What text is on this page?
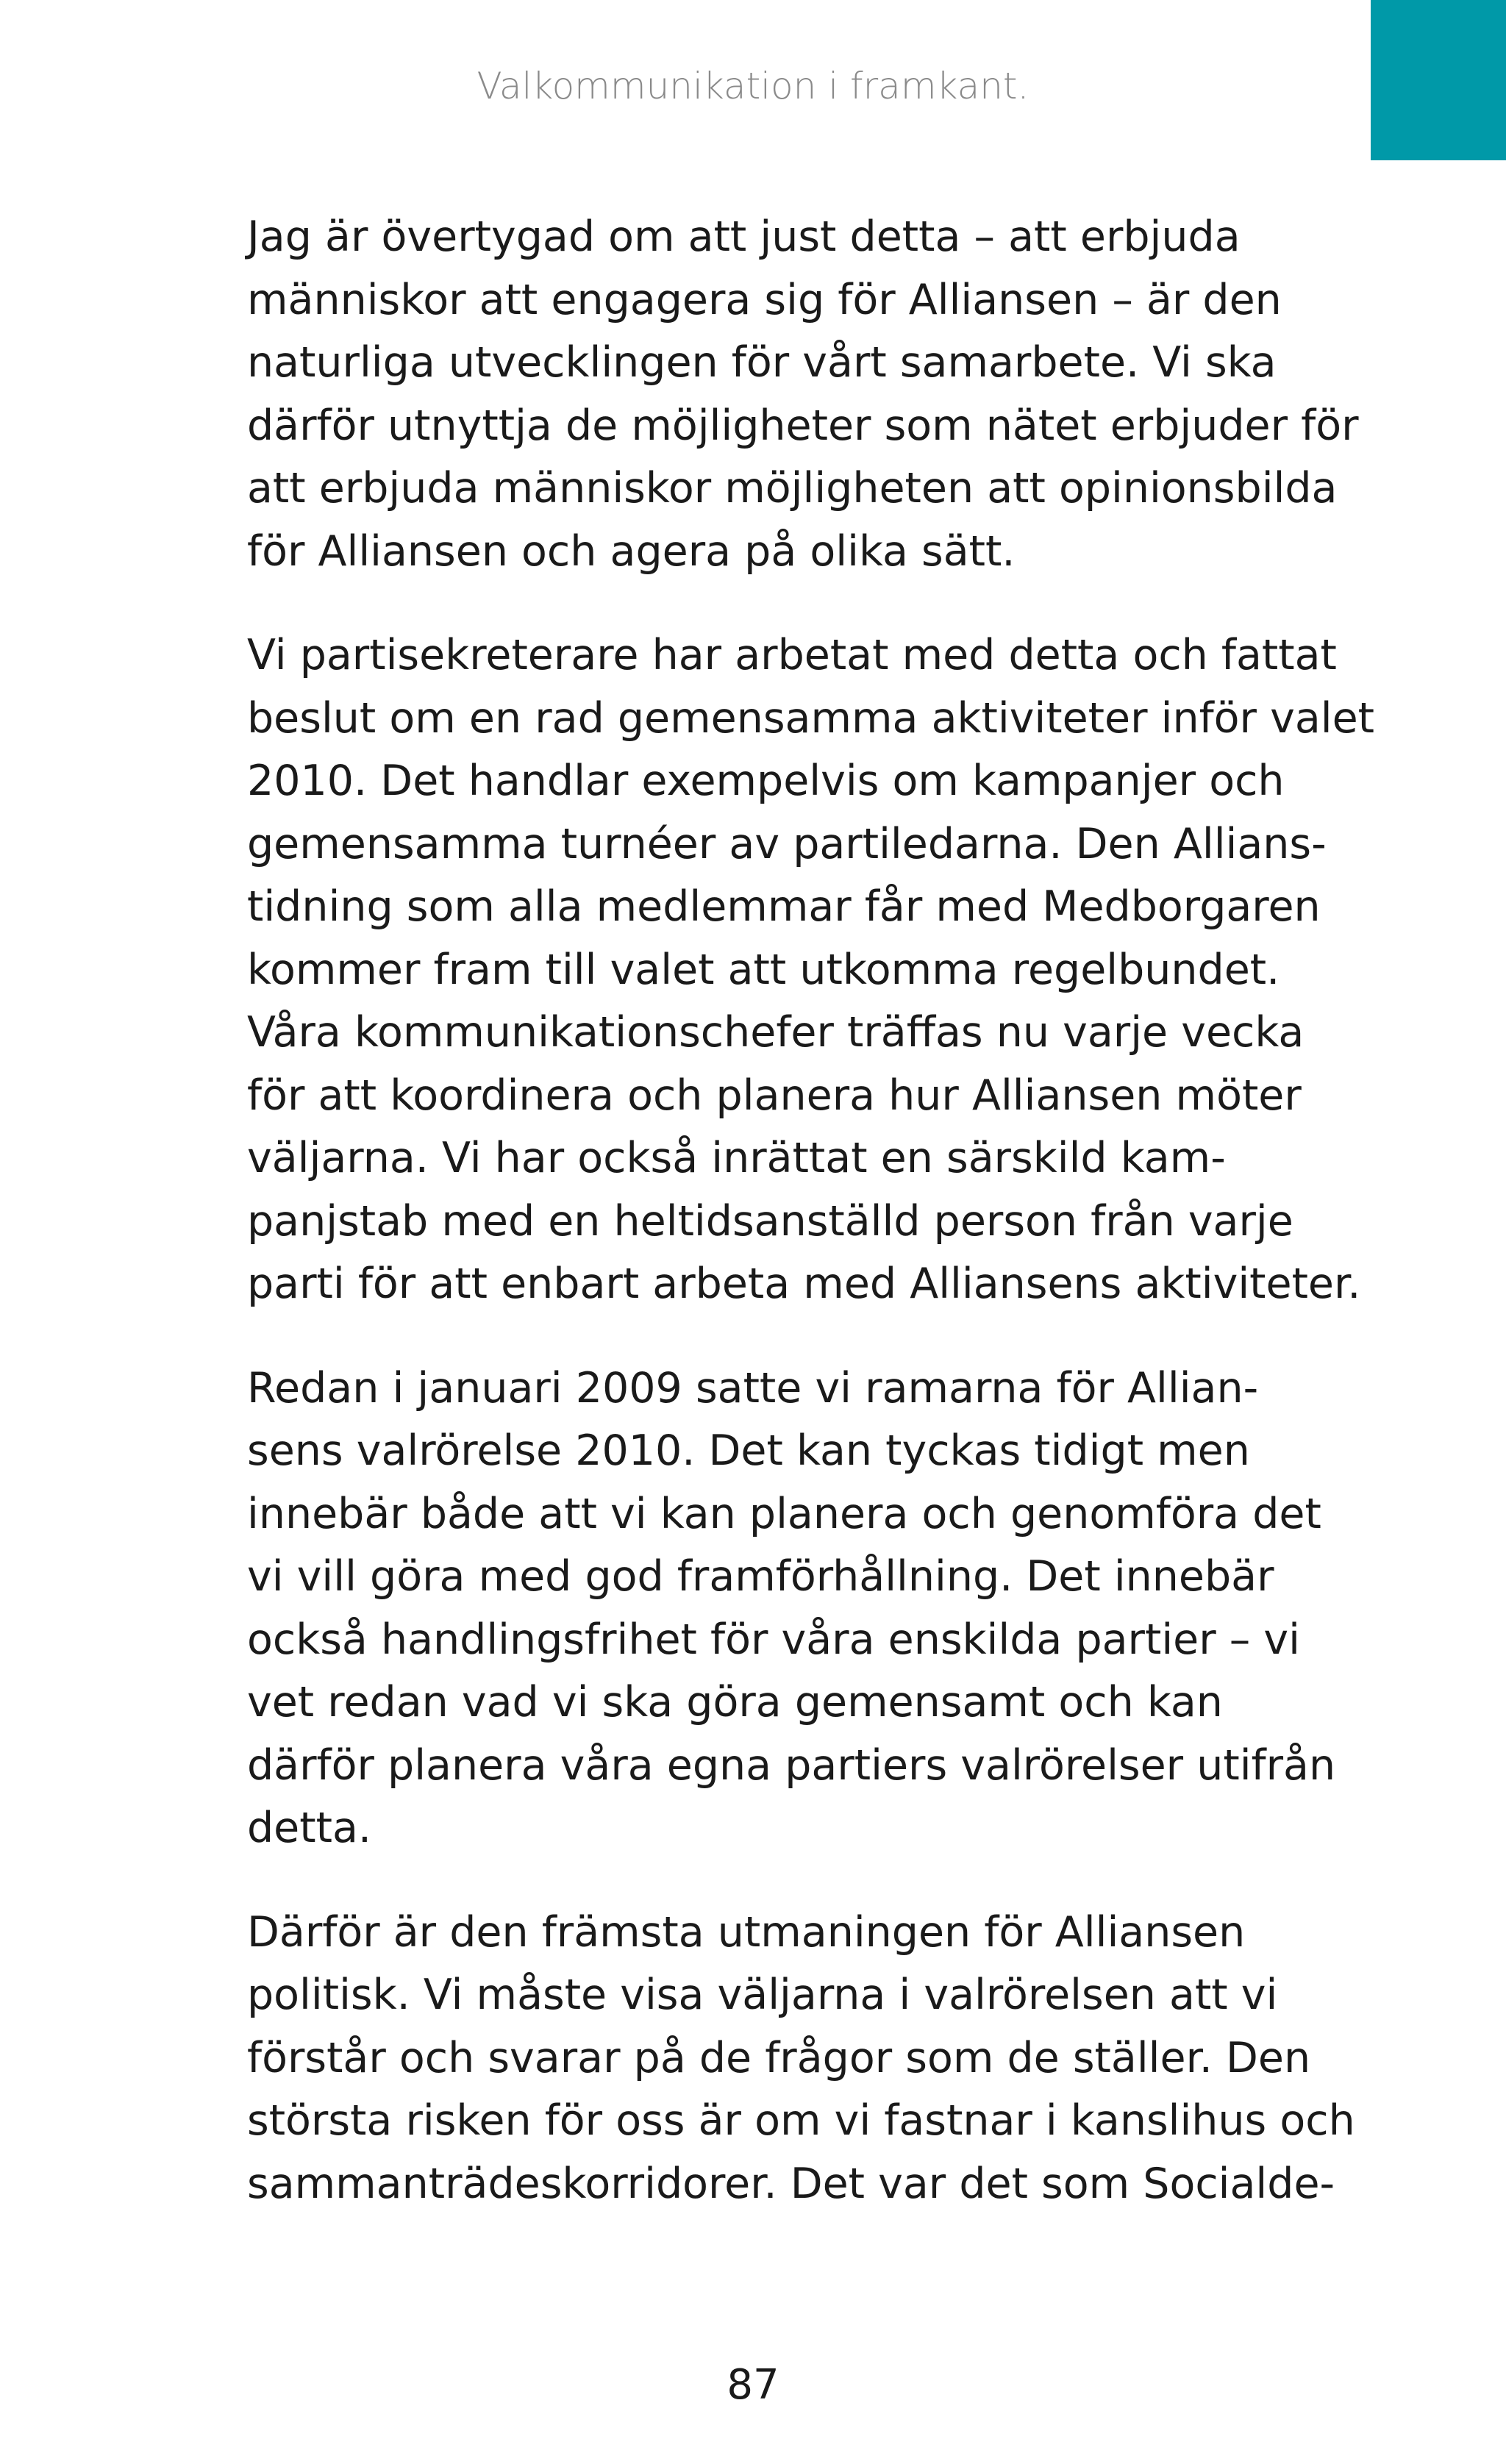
Valkommunikation i framkant.

Jag är övertygad om att just detta – att erbjuda
människor att engagera sig för Alliansen – är den
naturliga utvecklingen för vårt samarbete. Vi ska
därför utnyttja de möjligheter som nätet erbjuder för
att erbjuda människor möjligheten att opinionsbilda
för Alliansen och agera på olika sätt.

Vi partisekreterare har arbetat med detta och fattat
beslut om en rad gemensamma aktiviteter inför valet
2010. Det handlar exempelvis om kampanjer och
gemensamma turnéer av partiledarna. Den Allians-
tidning som alla medlemmar får med Medborgaren
kommer fram till valet att utkomma regelbundet.
Våra kommunikationschefer träffas nu varje vecka
för att koordinera och planera hur Alliansen möter
väljarna. Vi har också inrättat en särskild kam-
panjstab med en heltidsanställd person från varje
parti för att enbart arbeta med Alliansens aktiviteter.

Redan i januari 2009 satte vi ramarna för Allian-
sens valrörelse 2010. Det kan tyckas tidigt men
innebär både att vi kan planera och genomföra det
vi vill göra med god framförhållning. Det innebär
också handlingsfrihet för våra enskilda partier – vi
vet redan vad vi ska göra gemensamt och kan
därför planera våra egna partiers valrörelser utifrån
detta.

Därför är den främsta utmaningen för Alliansen
politisk. Vi måste visa väljarna i valrörelsen att vi
förstår och svarar på de frågor som de ställer. Den
största risken för oss är om vi fastnar i kanslihus och
sammanträdeskorridorer. Det var det som Socialde-

87
